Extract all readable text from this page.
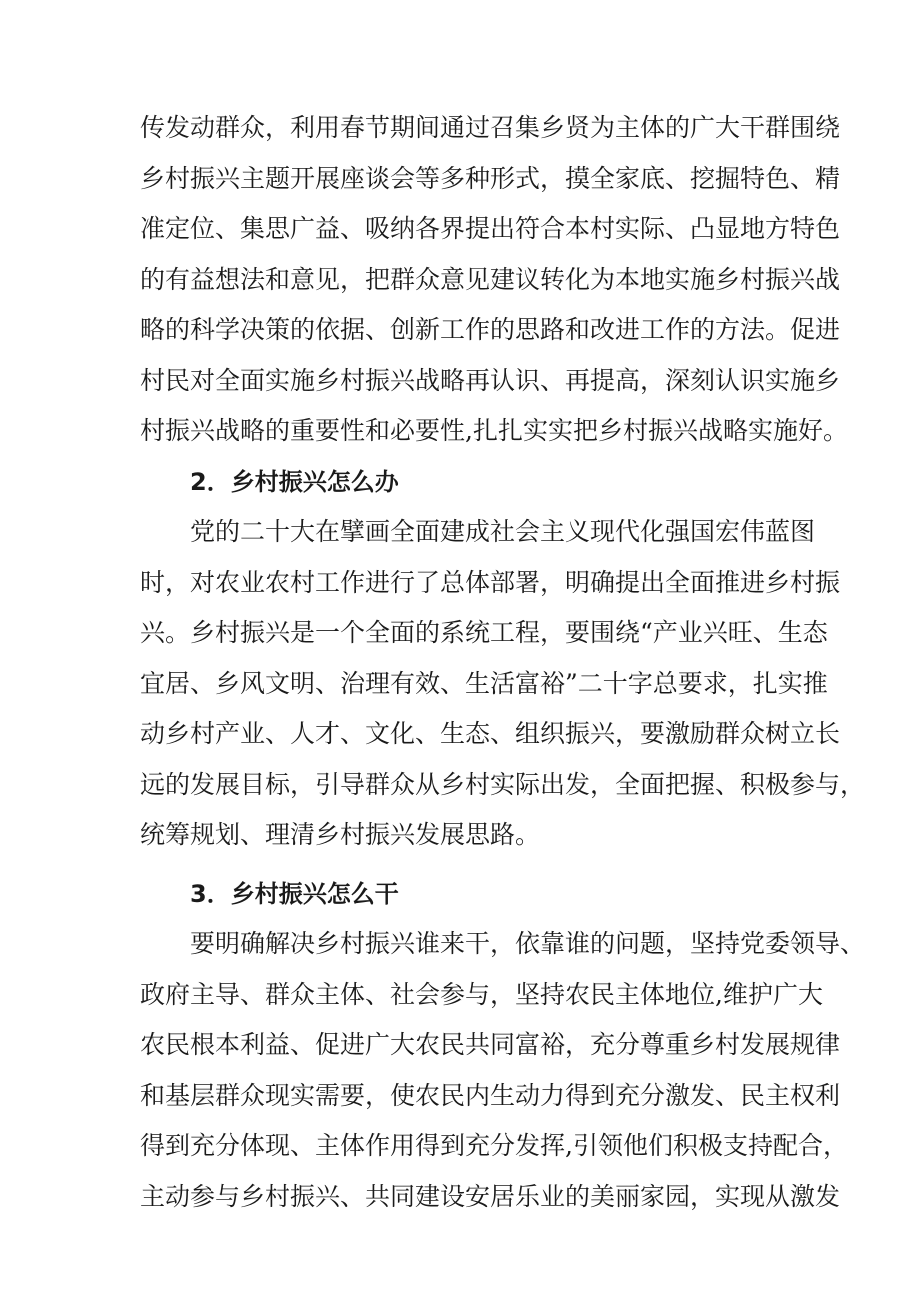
传发动群众，利用春节期间通过召集乡贤为主体的广大干群围绕
乡村振兴主题开展座谈会等多种形式，摸全家底、挖掘特色、精
准定位、集思广益、吸纳各界提出符合本村实际、凸显地方特色
的有益想法和意见，把群众意见建议转化为本地实施乡村振兴战
略的科学决策的依据、创新工作的思路和改进工作的方法。促进
村民对全面实施乡村振兴战略再认识、再提高，深刻认识实施乡
村振兴战略的重要性和必要性,扎扎实实把乡村振兴战略实施好。
2．乡村振兴怎么办
党的二十大在擘画全面建成社会主义现代化强国宏伟蓝图
时，对农业农村工作进行了总体部署，明确提出全面推进乡村振
兴。乡村振兴是一个全面的系统工程，要围绕“产业兴旺、生态
宜居、乡风文明、治理有效、生活富裕”二十字总要求，扎实推
动乡村产业、人才、文化、生态、组织振兴，要激励群众树立长
远的发展目标，引导群众从乡村实际出发，全面把握、积极参与，
统筹规划、理清乡村振兴发展思路。
3．乡村振兴怎么干
要明确解决乡村振兴谁来干，依靠谁的问题，坚持党委领导、
政府主导、群众主体、社会参与，坚持农民主体地位,维护广大
农民根本利益、促进广大农民共同富裕，充分尊重乡村发展规律
和基层群众现实需要，使农民内生动力得到充分激发、民主权利
得到充分体现、主体作用得到充分发挥,引领他们积极支持配合，
主动参与乡村振兴、共同建设安居乐业的美丽家园，实现从激发
